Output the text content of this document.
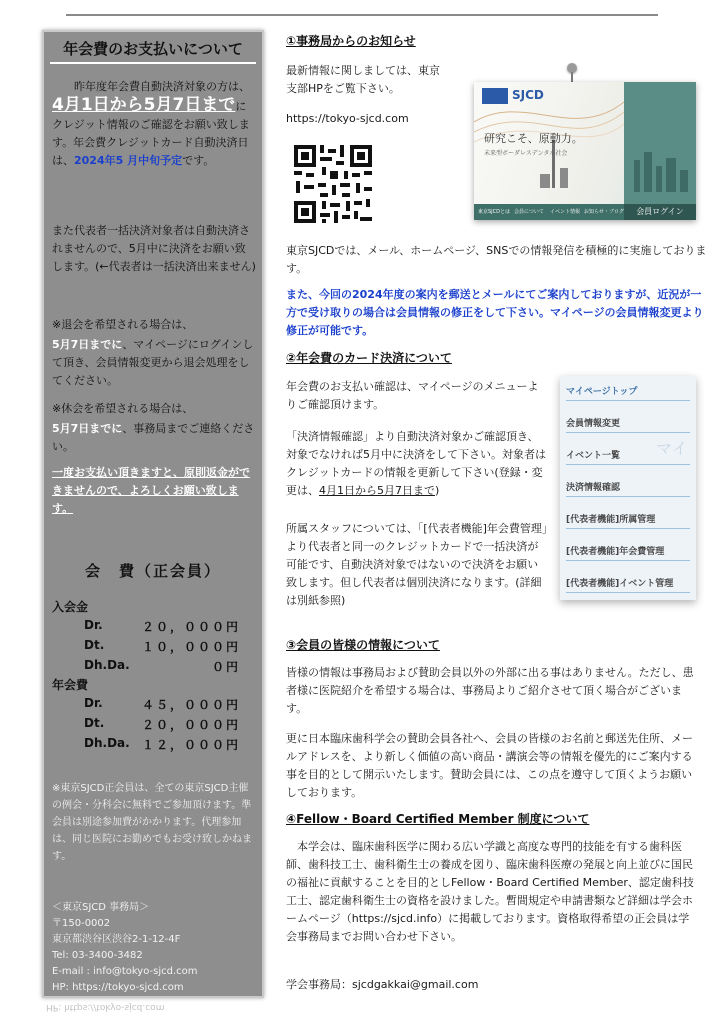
年会費のお支払いについて
昨年度年会費自動決済対象の方は、4月1日から5月7日までにクレジット情報のご確認をお願い致します。年会費クレジットカード自動決済日は、2024年5 月中旬予定です。
また代表者一括決済対象者は自動決済されませんので、5月中に決済をお願い致します。(←代表者は一括決済出来ません)
※退会を希望される場合は、
5月7日までに、マイページにログインして頂き、会員情報変更から退会処理をしてください。
※休会を希望される場合は、
5月7日までに、事務局までご連絡ください。
一度お支払い頂きますと、原則返金ができませんので、よろしくお願い致します。
会　費（正会員）
入会金
Dr.	２０，０００円
Dt.	１０，０００円
Dh.Da.	０円
年会費
Dr.	４５，０００円
Dt.	２０，０００円
Dh.Da. １２，０００円
※東京SJCD正会員は、全ての東京SJCD主催の例会・分科会に無料でご参加頂けます。準会員は別途参加費がかかります。代理参加は、同じ医院にお勤めでもお受け致しかねます。
＜東京SJCD 事務局＞
〒150-0002
東京都渋谷区渋谷2-1-12-4F
Tel: 03-3400-3482
E-mail : info@tokyo-sjcd.com
HP: https://tokyo-sjcd.com
HP: https://tokyo-sjcd.com
①事務局からのお知らせ
最新情報に関しましては、東京
支部HPをご覧下さい。
https://tokyo-sjcd.com
SJCD
研究こそ、原動力。
未来型ボーダレスデンタル社会
東京SJCDとは 会員について イベント情報 お知らせ・ブログ	会員ログイン
東京SJCDでは、メール、ホームページ、SNSでの情報発信を積極的に実施しております。
また、今回の2024年度の案内を郵送とメールにてご案内しておりますが、近況が一方で受け取りの場合は会員情報の修正をして下さい。マイページの会員情報変更より修正が可能です。
②年会費のカード決済について
年会費のお支払い確認は、マイページのメニューよりご確認頂けます。
「決済情報確認」より自動決済対象かご確認頂き、対象でなければ5月中に決済をして下さい。対象者はクレジットカードの情報を更新して下さい(登録・変更は、4月1日から5月7日まで)
所属スタッフについては、「[代表者機能]年会費管理」より代表者と同一のクレジットカードで一括決済が可能です、自動決済対象ではないので決済をお願い致します。但し代表者は個別決済になります。(詳細は別紙参照)
マイ
マイページトップ
会員情報変更
イベント一覧
決済情報確認
[代表者機能]所属管理
[代表者機能]年会費管理
[代表者機能]イベント管理
③会員の皆様の情報について
皆様の情報は事務局および賛助会員以外の外部に出る事はありません。ただし、患者様に医院紹介を希望する場合は、事務局よりご紹介させて頂く場合がございます。
更に日本臨床歯科学会の賛助会員各社へ、会員の皆様のお名前と郵送先住所、メールアドレスを、より新しく価値の高い商品・講演会等の情報を優先的にご案内する事を目的として開示いたします。賛助会員には、この点を遵守して頂くようお願いしております。
④Fellow・Board Certified Member 制度について
本学会は、臨床歯科医学に関わる広い学識と高度な専門的技能を有する歯科医師、歯科技工士、歯科衛生士の養成を図り、臨床歯科医療の発展と向上並びに国民の福祉に貢献することを目的としFellow・Board Certified Member、認定歯科技工士、認定歯科衛生士の資格を設けました。暫間規定や申請書類など詳細は学会ホームページ（https://sjcd.info）に掲載しております。資格取得希望の正会員は学会事務局までお問い合わせ下さい。
学会事務局：sjcdgakkai@gmail.com
